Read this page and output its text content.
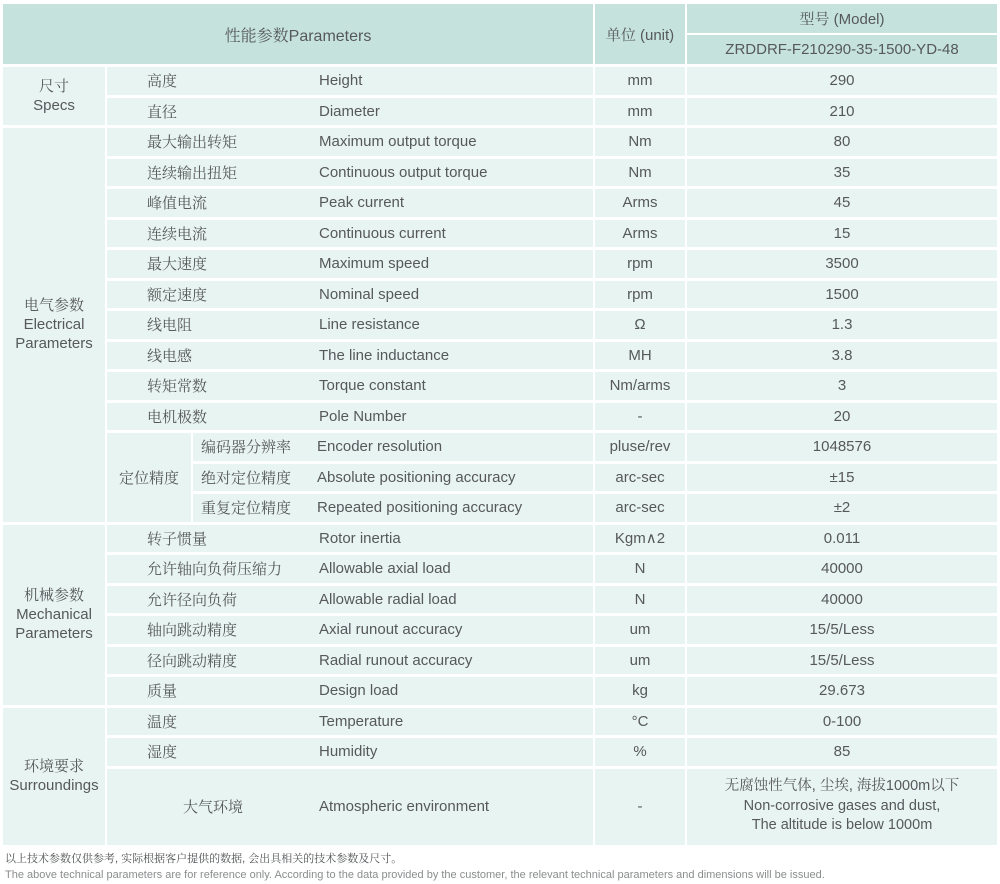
性能参数Parameters	单位 (unit)
型号 (Model)
ZRDDRF-F210290-35-1500-YD-48
尺寸
Specs
高度	Height	mm	290
直径	Diameter	mm	210
电气参数
Electrical
Parameters
最大输出转矩	Maximum output torque	Nm	80
连续输出扭矩	Continuous output torque	Nm	35
峰值电流	Peak current	Arms	45
连续电流	Continuous current	Arms	15
最大速度	Maximum speed	rpm	3500
额定速度	Nominal speed	rpm	1500
线电阻	Line resistance	Ω	1.3
线电感	The line inductance	MH	3.8
转矩常数	Torque constant	Nm/arms	3
电机极数	Pole Number	-	20
定位精度
编码器分辨率	Encoder resolution	pluse/rev	1048576
绝对定位精度	Absolute positioning accuracy	arc-sec	±15
重复定位精度	Repeated positioning accuracy	arc-sec	±2
机械参数
Mechanical
Parameters
转子惯量	Rotor inertia	Kgm∧2	0.011
允许轴向负荷压缩力	Allowable axial load	N	40000
允许径向负荷	Allowable radial load	N	40000
轴向跳动精度	Axial runout accuracy	um	15/5/Less
径向跳动精度	Radial runout accuracy	um	15/5/Less
质量	Design load	kg	29.673
环境要求
Surroundings
温度	Temperature	°C	0-100
湿度	Humidity	%	85
大气环境	Atmospheric environment	-
无腐蚀性气体, 尘埃, 海拔1000m以下
Non-corrosive gases and dust,
The altitude is below 1000m
以上技术参数仅供参考, 实际根据客户提供的数据, 会出具相关的技术参数及尺寸。
The above technical parameters are for reference only. According to the data provided by the customer, the relevant technical parameters and dimensions will be issued.
